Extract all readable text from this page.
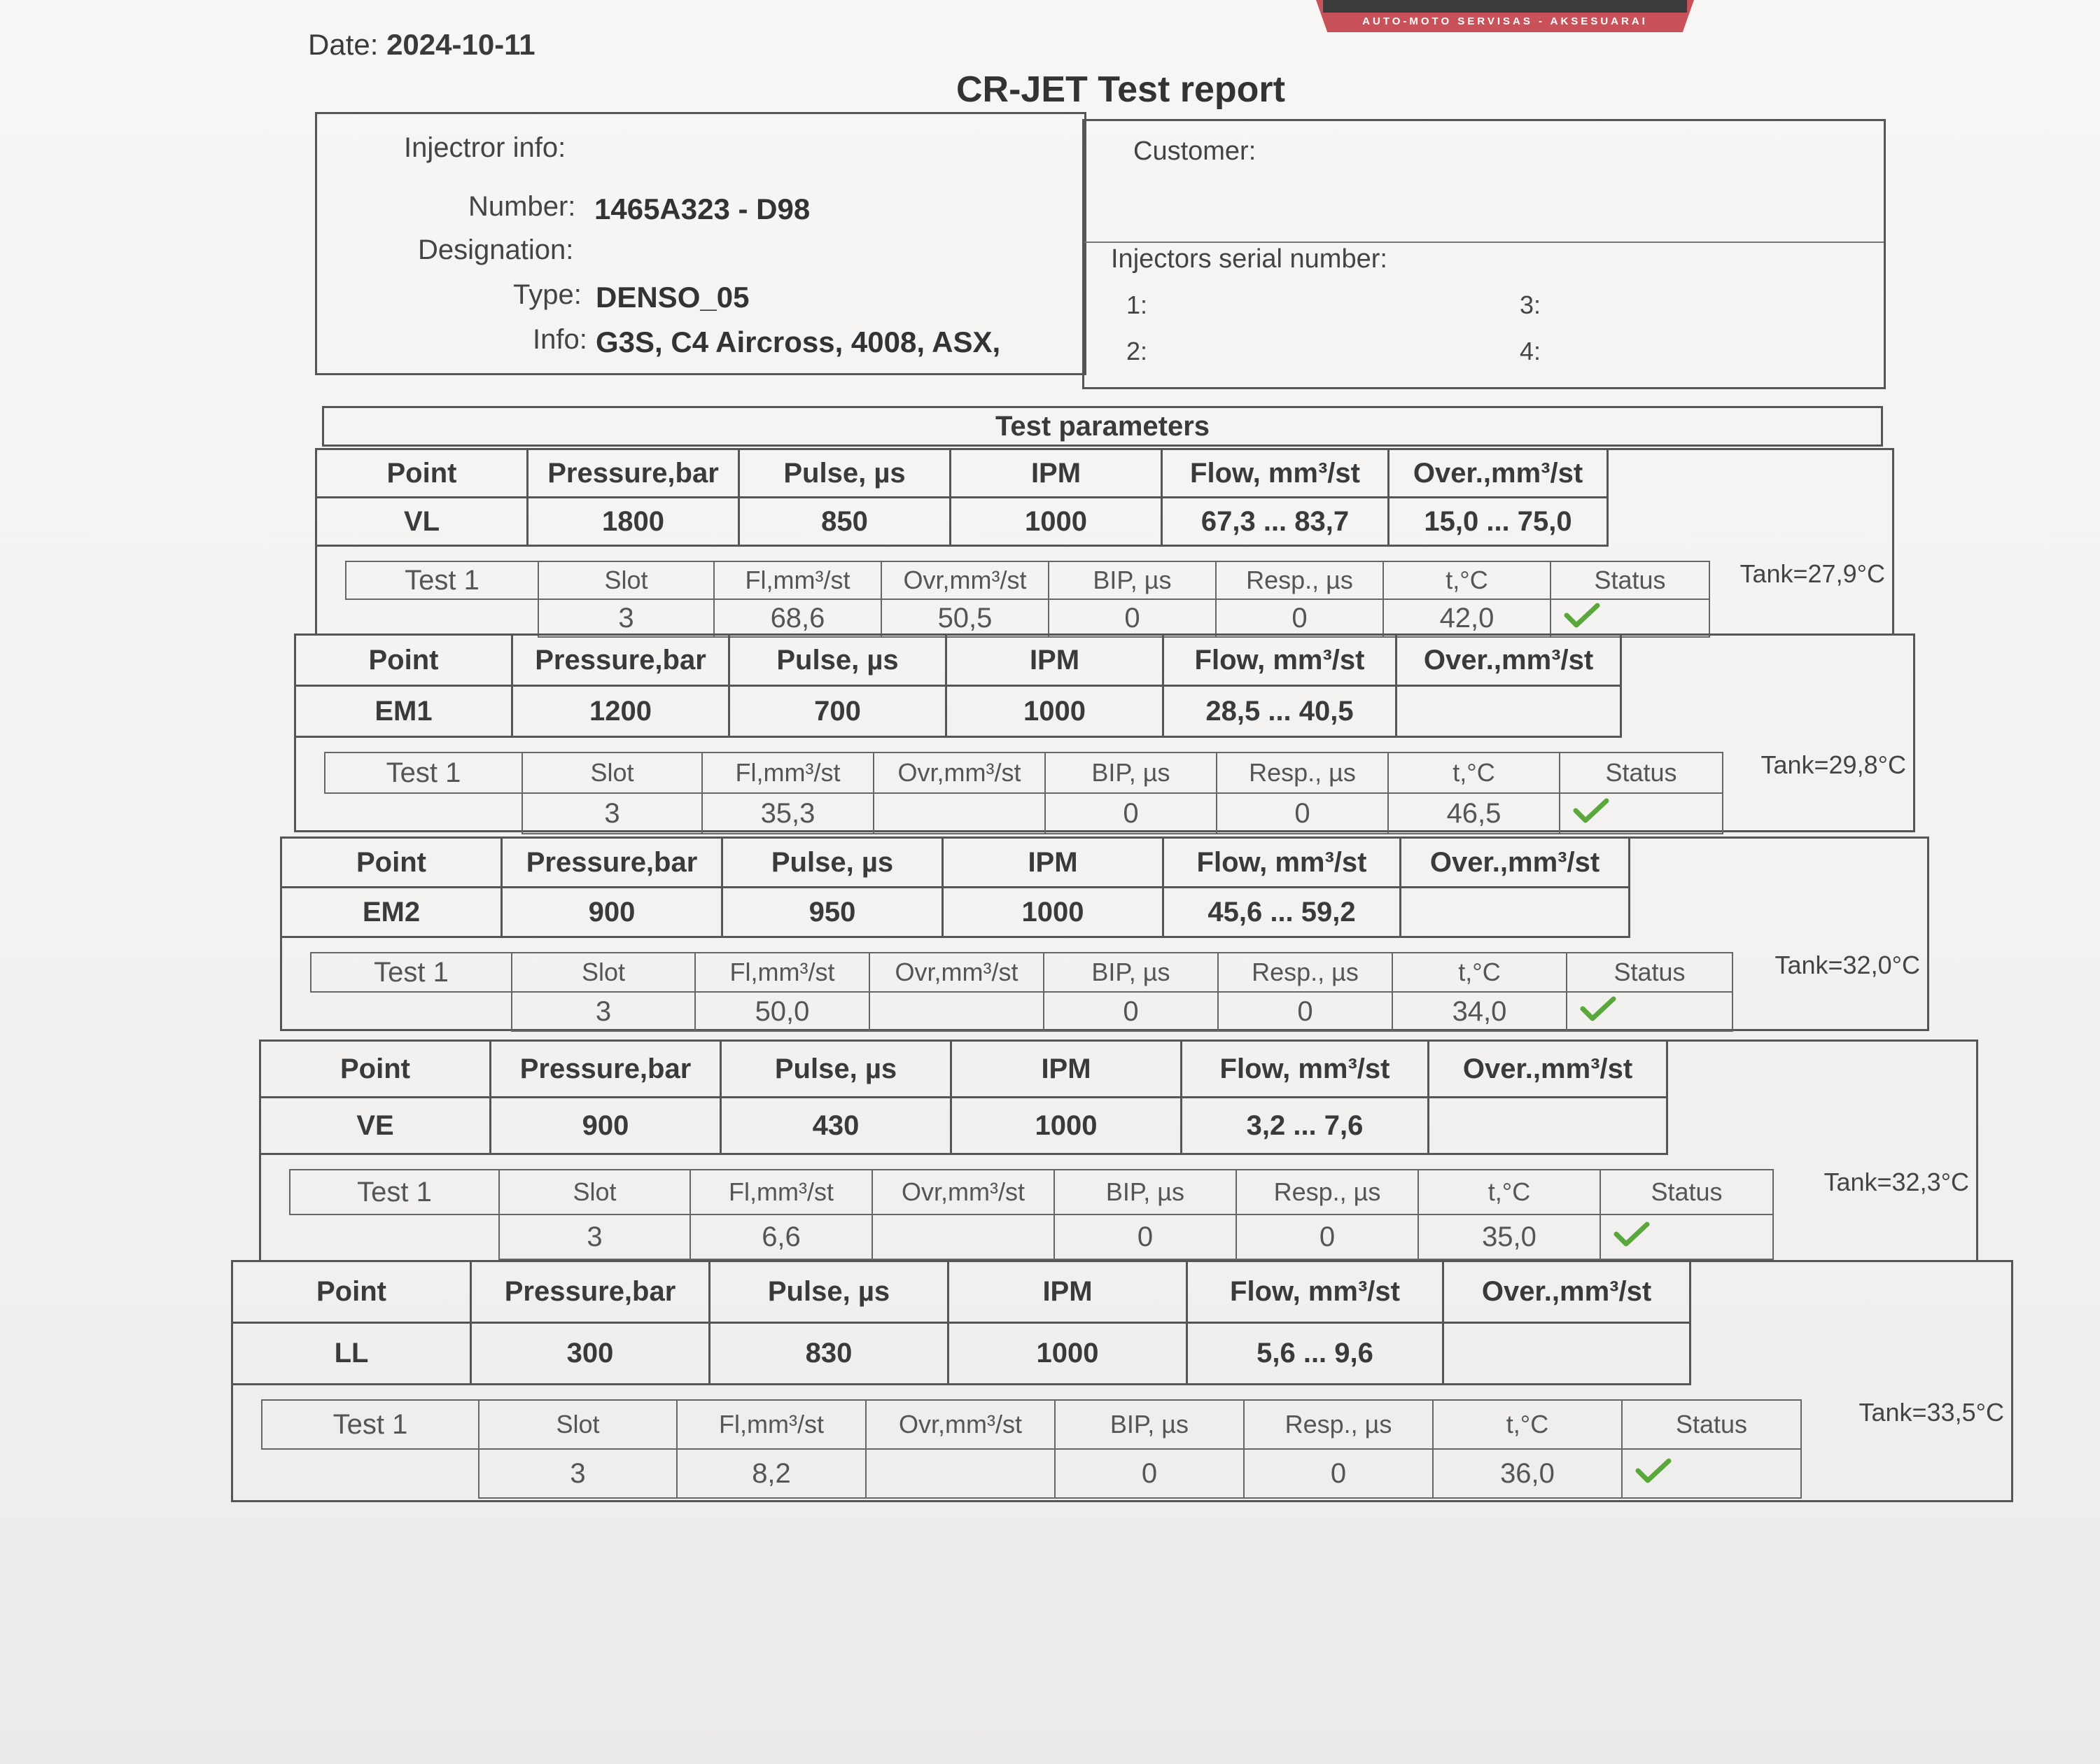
AUTO-MOTO SERVISAS - AKSESUARAI
Date: 2024-10-11
CR-JET Test report
Injectror info:
Number: 1465A323 - D98
Designation:
Type: DENSO_05
Info: G3S, C4 Aircross, 4008, ASX,
Customer:
Injectors serial number:
1:
2:
3:
4:
Test parameters
Point	Pressure,bar	Pulse, µs	IPM	Flow, mm³/st	Over.,mm³/st
VL	1800	850	1000	67,3 ... 83,7	15,0 ... 75,0
Test 1	Slot	Fl,mm³/st	Ovr,mm³/st	BIP, µs	Resp., µs	t,°C	Status
	3	68,6	50,5	0	0	42,0	
Tank=27,9°C
Point	Pressure,bar	Pulse, µs	IPM	Flow, mm³/st	Over.,mm³/st
EM1	1200	700	1000	28,5 ... 40,5	
Test 1	Slot	Fl,mm³/st	Ovr,mm³/st	BIP, µs	Resp., µs	t,°C	Status
	3	35,3		0	0	46,5	
Tank=29,8°C
Point	Pressure,bar	Pulse, µs	IPM	Flow, mm³/st	Over.,mm³/st
EM2	900	950	1000	45,6 ... 59,2	
Test 1	Slot	Fl,mm³/st	Ovr,mm³/st	BIP, µs	Resp., µs	t,°C	Status
	3	50,0		0	0	34,0	
Tank=32,0°C
Point	Pressure,bar	Pulse, µs	IPM	Flow, mm³/st	Over.,mm³/st
VE	900	430	1000	3,2 ... 7,6	
Test 1	Slot	Fl,mm³/st	Ovr,mm³/st	BIP, µs	Resp., µs	t,°C	Status
	3	6,6		0	0	35,0	
Tank=32,3°C
Point	Pressure,bar	Pulse, µs	IPM	Flow, mm³/st	Over.,mm³/st
LL	300	830	1000	5,6 ... 9,6	
Test 1	Slot	Fl,mm³/st	Ovr,mm³/st	BIP, µs	Resp., µs	t,°C	Status
	3	8,2		0	0	36,0	
Tank=33,5°C
